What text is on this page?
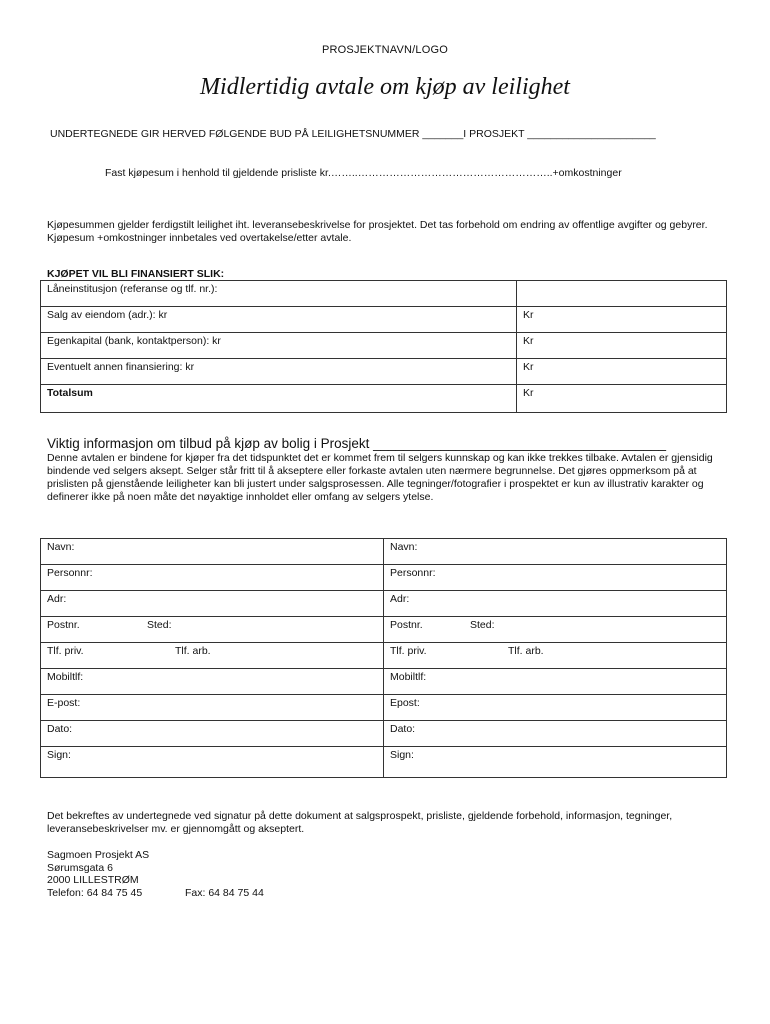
PROSJEKTNAVN/LOGO
Midlertidig avtale om kjøp av leilighet
UNDERTEGNEDE GIR HERVED FØLGENDE BUD PÅ LEILIGHETSNUMMER _______I PROSJEKT ______________________
Fast kjøpesum i henhold til gjeldende prisliste kr.……..………………………………………………..+omkostninger
Kjøpesummen gjelder ferdigstilt leilighet iht. leveransebeskrivelse for prosjektet. Det tas forbehold om endring av offentlige avgifter og gebyrer. Kjøpesum +omkostninger innbetales ved overtakelse/etter avtale.
KJØPET VIL BLI FINANSIERT SLIK:
Låneinstitusjon (referanse og tlf. nr.):	
Salg av eiendom (adr.): kr	Kr
Egenkapital (bank, kontaktperson): kr	Kr
Eventuelt annen finansiering: kr	Kr
Totalsum	Kr
Viktig informasjon om tilbud på kjøp av bolig i Prosjekt _______________________________________
Denne avtalen er bindene for kjøper fra det tidspunktet det er kommet frem til selgers kunnskap og kan ikke trekkes tilbake. Avtalen er gjensidig bindende ved selgers aksept. Selger står fritt til å akseptere eller forkaste avtalen uten nærmere begrunnelse. Det gjøres oppmerksom på at prislisten på gjenstående leiligheter kan bli justert under salgsprosessen. Alle tegninger/fotografier i prospektet er kun av illustrativ karakter og definerer ikke på noen måte det nøyaktige innholdet eller omfang av selgers ytelse.
Navn:	Navn:
Personnr:	Personnr:
Adr:	Adr:
Postnr. Sted:	Postnr. Sted:
Tlf. priv. Tlf. arb.	Tlf. priv. Tlf. arb.
Mobiltlf:	Mobiltlf:
E-post:	Epost:
Dato:	Dato:
Sign:	Sign:
Det bekreftes av undertegnede ved signatur på dette dokument at salgsprospekt, prisliste, gjeldende forbehold, informasjon, tegninger, leveransebeskrivelser mv. er gjennomgått og akseptert.
Sagmoen Prosjekt AS
Sørumsgata 6
2000 LILLESTRØM
Telefon: 64 84 75 45	Fax: 64 84 75 44
